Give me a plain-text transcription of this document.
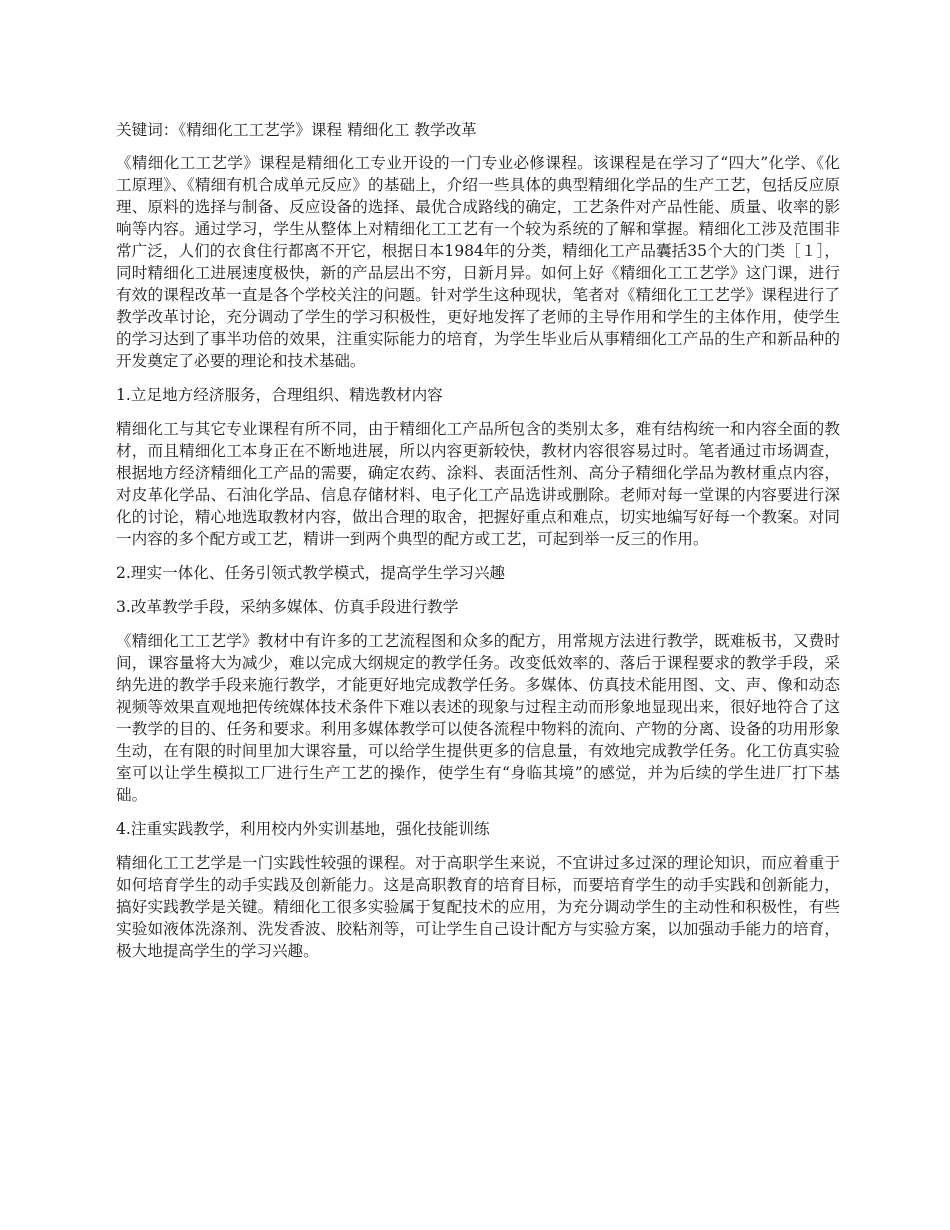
关键词：《精细化工工艺学》课程 精细化工 教学改革

《精细化工工艺学》课程是精细化工专业开设的一门专业必修课程。该课程是在学习了“四大”化学、《化工原理》、《精细有机合成单元反应》的基础上，介绍一些具体的典型精细化学品的生产工艺，包括反应原理、原料的选择与制备、反应设备的选择、最优合成路线的确定，工艺条件对产品性能、质量、收率的影响等内容。通过学习，学生从整体上对精细化工工艺有一个较为系统的了解和掌握。精细化工涉及范围非常广泛，人们的衣食住行都离不开它，根据日本1984年的分类，精细化工产品囊括35个大的门类［１］，同时精细化工进展速度极快，新的产品层出不穷，日新月异。如何上好《精细化工工艺学》这门课，进行有效的课程改革一直是各个学校关注的问题。针对学生这种现状，笔者对《精细化工工艺学》课程进行了教学改革讨论，充分调动了学生的学习积极性，更好地发挥了老师的主导作用和学生的主体作用，使学生的学习达到了事半功倍的效果，注重实际能力的培育，为学生毕业后从事精细化工产品的生产和新品种的开发奠定了必要的理论和技术基础。

1.立足地方经济服务，合理组织、精选教材内容

精细化工与其它专业课程有所不同，由于精细化工产品所包含的类别太多，难有结构统一和内容全面的教材，而且精细化工本身正在不断地进展，所以内容更新较快，教材内容很容易过时。笔者通过市场调查，根据地方经济精细化工产品的需要，确定农药、涂料、表面活性剂、高分子精细化学品为教材重点内容，对皮革化学品、石油化学品、信息存储材料、电子化工产品选讲或删除。老师对每一堂课的内容要进行深化的讨论，精心地选取教材内容，做出合理的取舍，把握好重点和难点，切实地编写好每一个教案。对同一内容的多个配方或工艺，精讲一到两个典型的配方或工艺，可起到举一反三的作用。

2.理实一体化、任务引领式教学模式，提高学生学习兴趣

3.改革教学手段，采纳多媒体、仿真手段进行教学

《精细化工工艺学》教材中有许多的工艺流程图和众多的配方，用常规方法进行教学，既难板书，又费时间，课容量将大为减少，难以完成大纲规定的教学任务。改变低效率的、落后于课程要求的教学手段，采纳先进的教学手段来施行教学，才能更好地完成教学任务。多媒体、仿真技术能用图、文、声、像和动态视频等效果直观地把传统媒体技术条件下难以表述的现象与过程主动而形象地显现出来，很好地符合了这一教学的目的、任务和要求。利用多媒体教学可以使各流程中物料的流向、产物的分离、设备的功用形象生动，在有限的时间里加大课容量，可以给学生提供更多的信息量，有效地完成教学任务。化工仿真实验室可以让学生模拟工厂进行生产工艺的操作，使学生有“身临其境”的感觉，并为后续的学生进厂打下基础。

4.注重实践教学，利用校内外实训基地，强化技能训练

精细化工工艺学是一门实践性较强的课程。对于高职学生来说，不宜讲过多过深的理论知识，而应着重于如何培育学生的动手实践及创新能力。这是高职教育的培育目标，而要培育学生的动手实践和创新能力，搞好实践教学是关键。精细化工很多实验属于复配技术的应用，为充分调动学生的主动性和积极性，有些实验如液体洗涤剂、洗发香波、胶粘剂等，可让学生自己设计配方与实验方案，以加强动手能力的培育，极大地提高学生的学习兴趣。
